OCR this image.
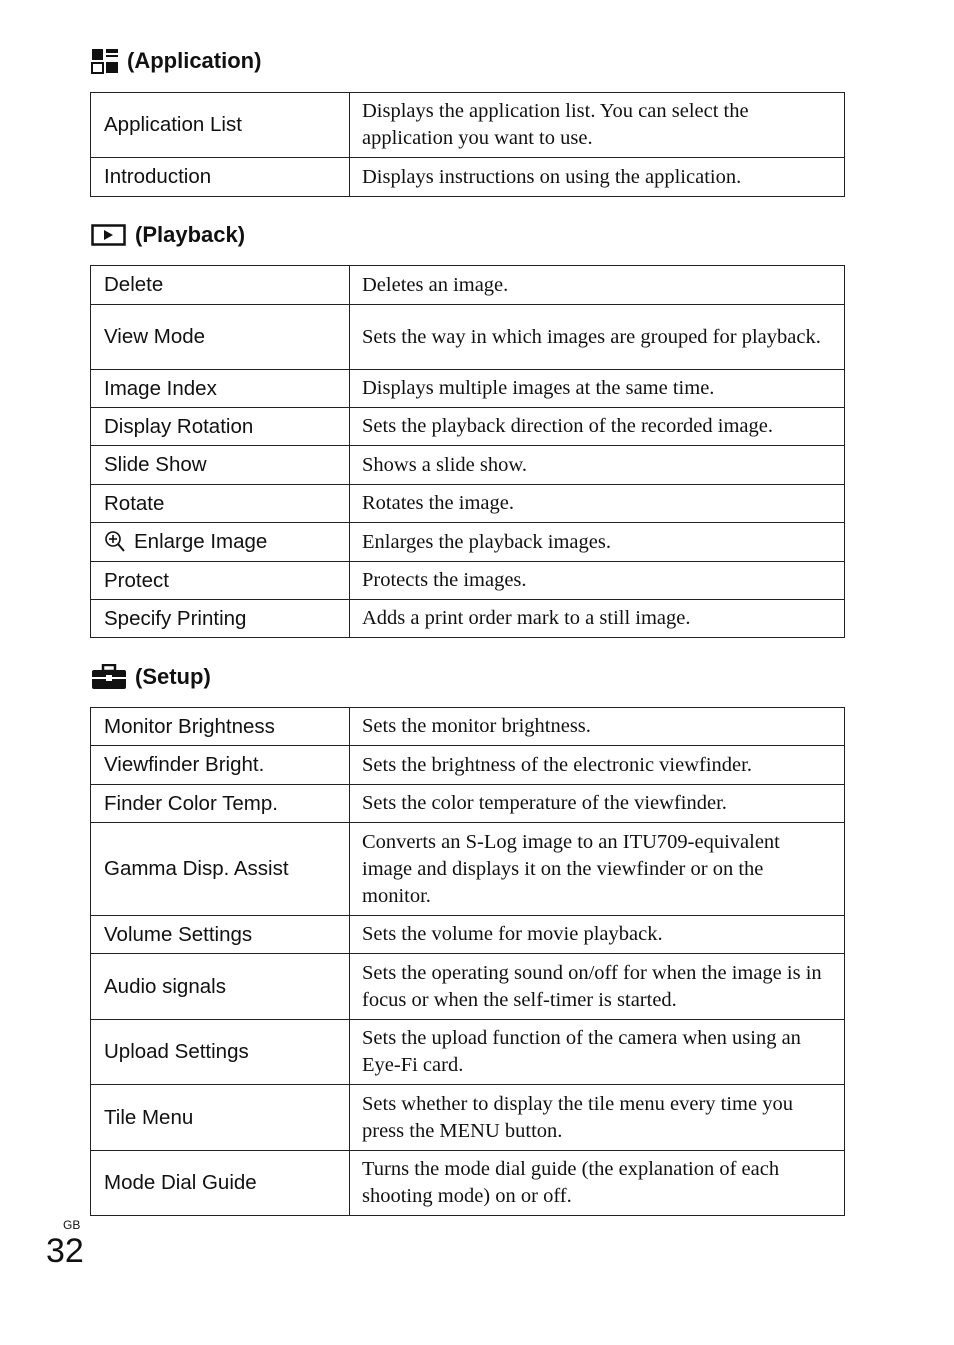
(Application)
Application List	Displays the application list. You can select the application you want to use.
Introduction	Displays instructions on using the application.
(Playback)
Delete	Deletes an image.
View Mode	Sets the way in which images are grouped for playback.
Image Index	Displays multiple images at the same time.
Display Rotation	Sets the playback direction of the recorded image.
Slide Show	Shows a slide show.
Rotate	Rotates the image.

Enlarge Image	Enlarges the playback images.
Protect	Protects the images.
Specify Printing	Adds a print order mark to a still image.
(Setup)
Monitor Brightness	Sets the monitor brightness.
Viewfinder Bright.	Sets the brightness of the electronic viewfinder.
Finder Color Temp.	Sets the color temperature of the viewfinder.
Gamma Disp. Assist	Converts an S-Log image to an ITU709-equivalent image and displays it on the viewfinder or on the monitor.
Volume Settings	Sets the volume for movie playback.
Audio signals	Sets the operating sound on/off for when the image is in focus or when the self-timer is started.
Upload Settings	Sets the upload function of the camera when using an Eye-Fi card.
Tile Menu	Sets whether to display the tile menu every time you press the MENU button.
Mode Dial Guide	Turns the mode dial guide (the explanation of each shooting mode) on or off.
GB
32
